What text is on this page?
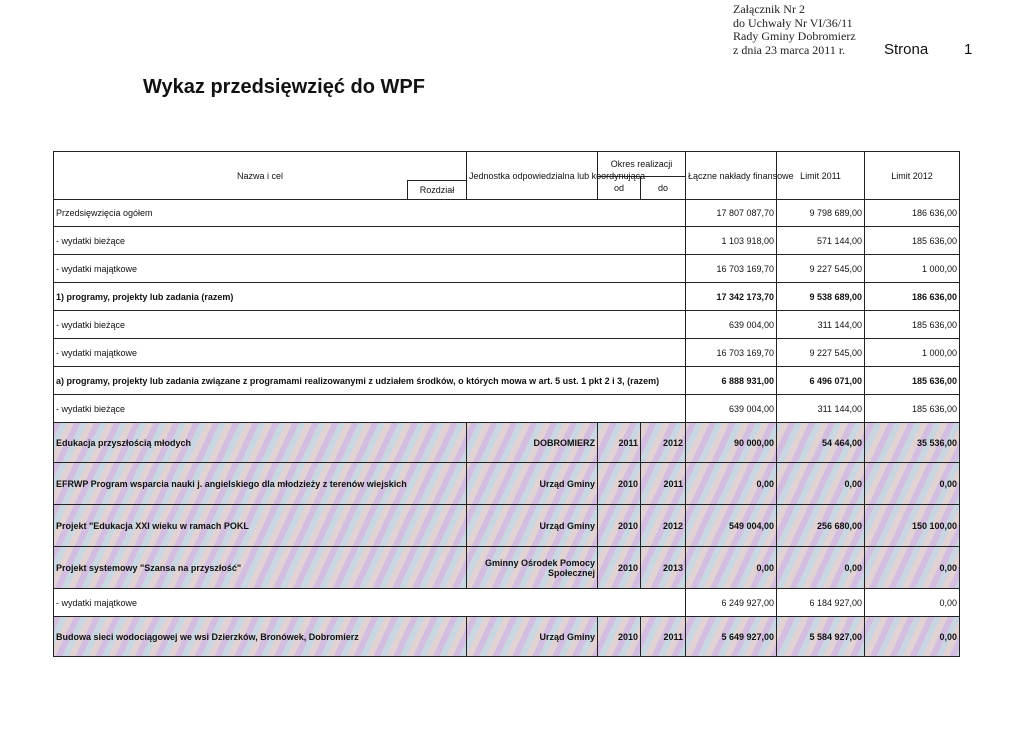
Załącznik Nr 2
do Uchwały Nr VI/36/11
Rady Gminy Dobromierz
z dnia 23 marca 2011 r.	Strona 1
Wykaz przedsięwzięć do WPF
Nazwa i cel
Rozdział	Jednostka odpowiedzialna lub koordynująca	Okres realizacji		Łączne nakłady finansowe	Limit 2011	Limit 2012
		od	do			
Przedsięwzięcia ogółem				17 807 087,70	9 798 689,00	186 636,00
- wydatki bieżące				1 103 918,00	571 144,00	185 636,00
- wydatki majątkowe				16 703 169,70	9 227 545,00	1 000,00
1) programy, projekty lub zadania (razem)				17 342 173,70	9 538 689,00	186 636,00
- wydatki bieżące				639 004,00	311 144,00	185 636,00
- wydatki majątkowe				16 703 169,70	9 227 545,00	1 000,00
a) programy, projekty lub zadania związane z programami realizowanymi z udziałem środków, o których mowa w art. 5 ust. 1 pkt 2 i 3, (razem)				6 888 931,00	6 496 071,00	185 636,00
- wydatki bieżące				639 004,00	311 144,00	185 636,00
Edukacja przyszłością młodych	DOBROMIERZ	2011	2012	90 000,00	54 464,00	35 536,00
EFRWP Program wsparcia nauki j. angielskiego dla młodzieży z terenów wiejskich	Urząd Gminy	2010	2011	0,00	0,00	0,00
Projekt "Edukacja XXI wieku w ramach POKL	Urząd Gminy	2010	2012	549 004,00	256 680,00	150 100,00
Projekt systemowy "Szansa na przyszłość"	Gminny Ośrodek Pomocy Społecznej	2010	2013	0,00	0,00	0,00
- wydatki majątkowe				6 249 927,00	6 184 927,00	0,00
Budowa sieci wodociągowej we wsi Dzierzków, Bronówek, Dobromierz	Urząd Gminy	2010	2011	5 649 927,00	5 584 927,00	0,00
